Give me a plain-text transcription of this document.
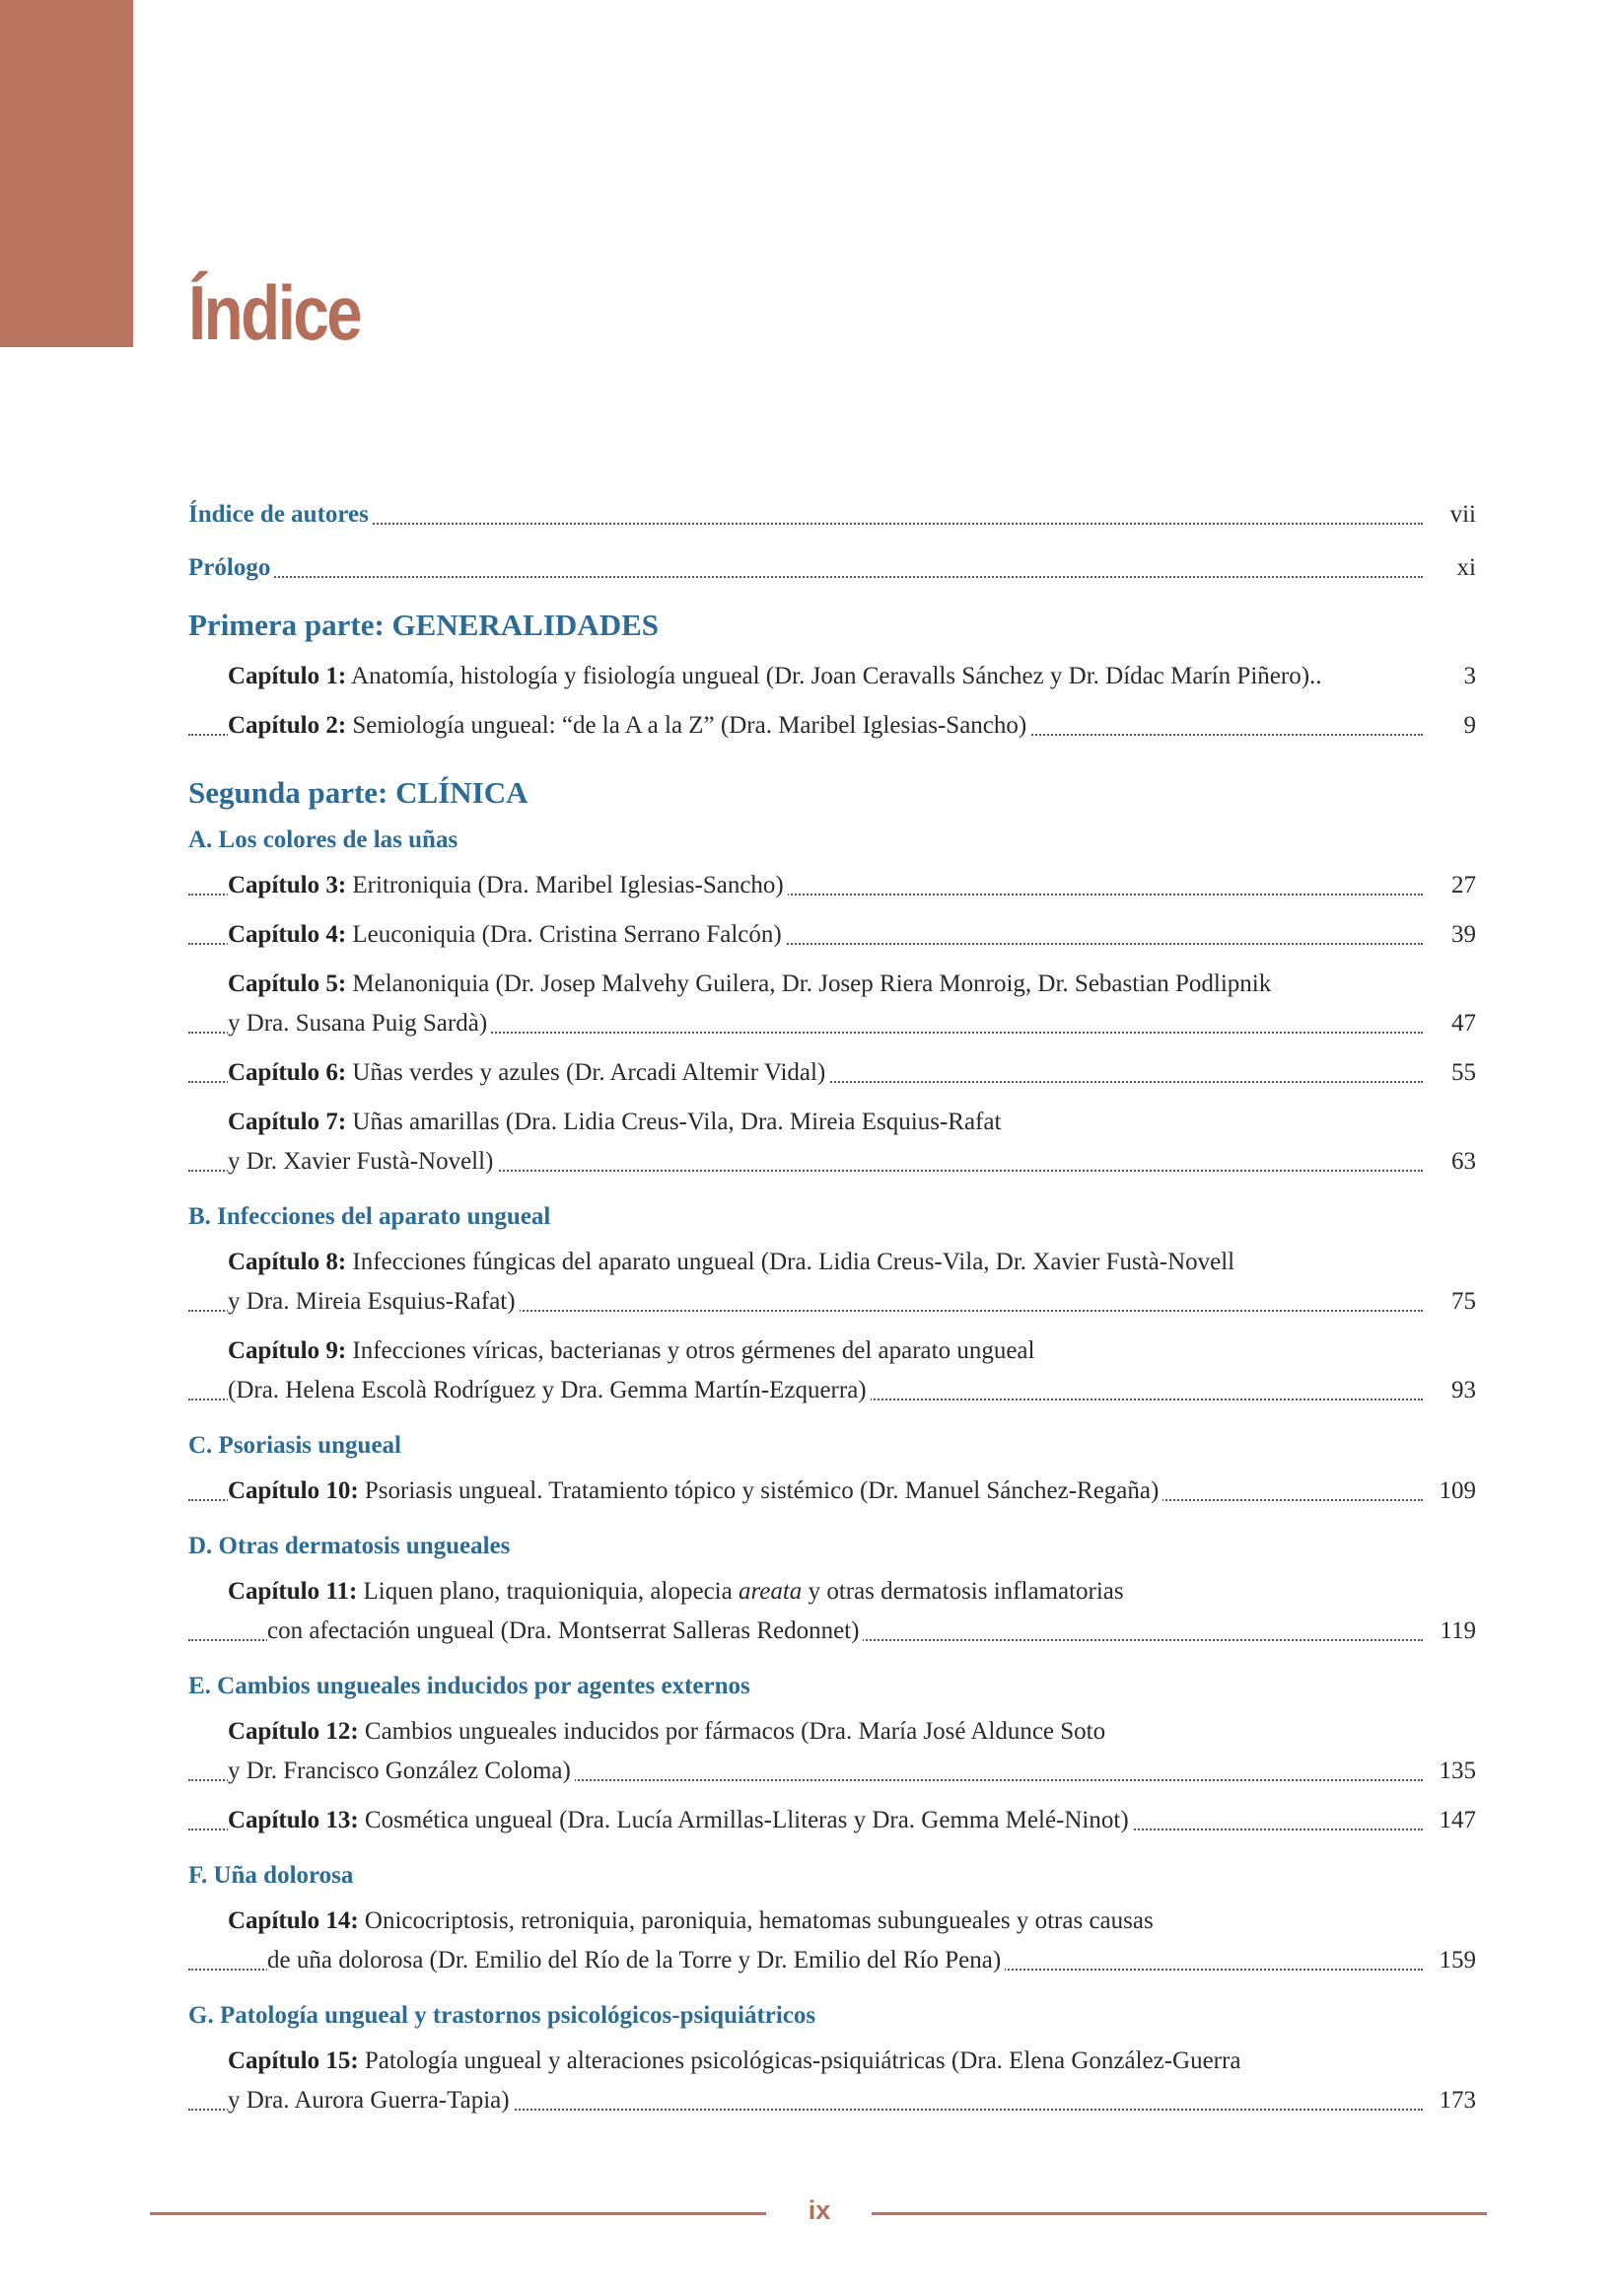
Índice
Índice de autores	vii
Prólogo	xi
Primera parte: GENERALIDADES
Capítulo 1: Anatomía, histología y fisiología ungueal (Dr. Joan Ceravalls Sánchez y Dr. Dídac Marín Piñero)..	3
Capítulo 2: Semiología ungueal: “de la A a la Z” (Dra. Maribel Iglesias-Sancho)	9
Segunda parte: CLÍNICA
A. Los colores de las uñas
Capítulo 3: Eritroniquia (Dra. Maribel Iglesias-Sancho)	27
Capítulo 4: Leuconiquia (Dra. Cristina Serrano Falcón)	39
Capítulo 5: Melanoniquia (Dr. Josep Malvehy Guilera, Dr. Josep Riera Monroig, Dr. Sebastian Podlipnik
y Dra. Susana Puig Sardà)	47
Capítulo 6: Uñas verdes y azules (Dr. Arcadi Altemir Vidal)	55
Capítulo 7: Uñas amarillas (Dra. Lidia Creus-Vila, Dra. Mireia Esquius-Rafat
y Dr. Xavier Fustà-Novell)	63
B. Infecciones del aparato ungueal
Capítulo 8: Infecciones fúngicas del aparato ungueal (Dra. Lidia Creus-Vila, Dr. Xavier Fustà-Novell
y Dra. Mireia Esquius-Rafat)	75
Capítulo 9: Infecciones víricas, bacterianas y otros gérmenes del aparato ungueal
(Dra. Helena Escolà Rodríguez y Dra. Gemma Martín-Ezquerra)	93
C. Psoriasis ungueal
Capítulo 10: Psoriasis ungueal. Tratamiento tópico y sistémico (Dr. Manuel Sánchez-Regaña)	109
D. Otras dermatosis ungueales
Capítulo 11: Liquen plano, traquioniquia, alopecia areata y otras dermatosis inflamatorias
con afectación ungueal (Dra. Montserrat Salleras Redonnet)	119
E. Cambios ungueales inducidos por agentes externos
Capítulo 12: Cambios ungueales inducidos por fármacos (Dra. María José Alduncе Soto
y Dr. Francisco González Coloma)	135
Capítulo 13: Cosmética ungueal (Dra. Lucía Armillas-Lliteras y Dra. Gemma Melé-Ninot)	147
F. Uña dolorosa
Capítulo 14: Onicocriptosis, retroniquia, paroniquia, hematomas subungueales y otras causas
de uña dolorosa (Dr. Emilio del Río de la Torre y Dr. Emilio del Río Pena)	159
G. Patología ungueal y trastornos psicológicos-psiquiátricos
Capítulo 15: Patología ungueal y alteraciones psicológicas-psiquiátricas (Dra. Elena González-Guerra
y Dra. Aurora Guerra-Tapia)	173
ix
